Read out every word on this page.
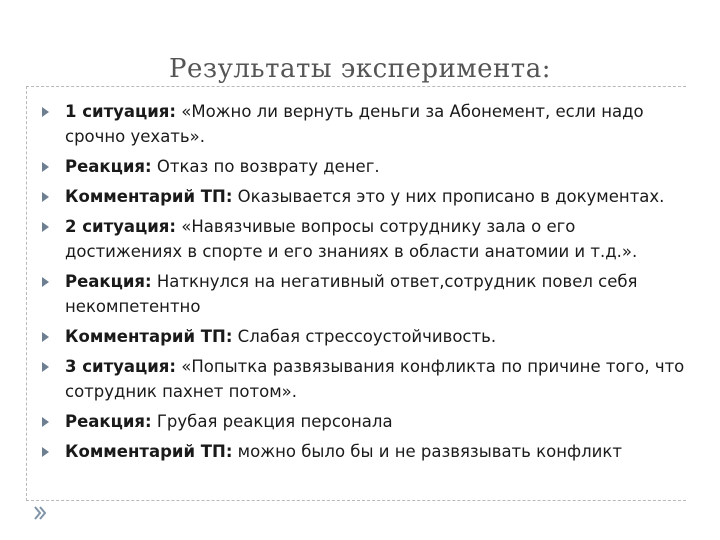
Результаты эксперимента:
1 ситуация: «Можно ли вернуть деньги за Абонемент, если надо срочно уехать».
Реакция: Отказ по возврату денег.
Комментарий ТП: Оказывается это у них прописано в документах.
2 ситуация: «Навязчивые вопросы сотруднику зала о его достижениях в спорте и его знаниях в области анатомии и т.д.».
Реакция: Наткнулся на негативный ответ,сотрудник повел себя некомпетентно
Комментарий ТП: Слабая стрессоустойчивость.
3 ситуация: «Попытка развязывания конфликта по причине того, что сотрудник пахнет потом».
Реакция: Грубая реакция персонала
Комментарий ТП: можно было бы и не развязывать конфликт
